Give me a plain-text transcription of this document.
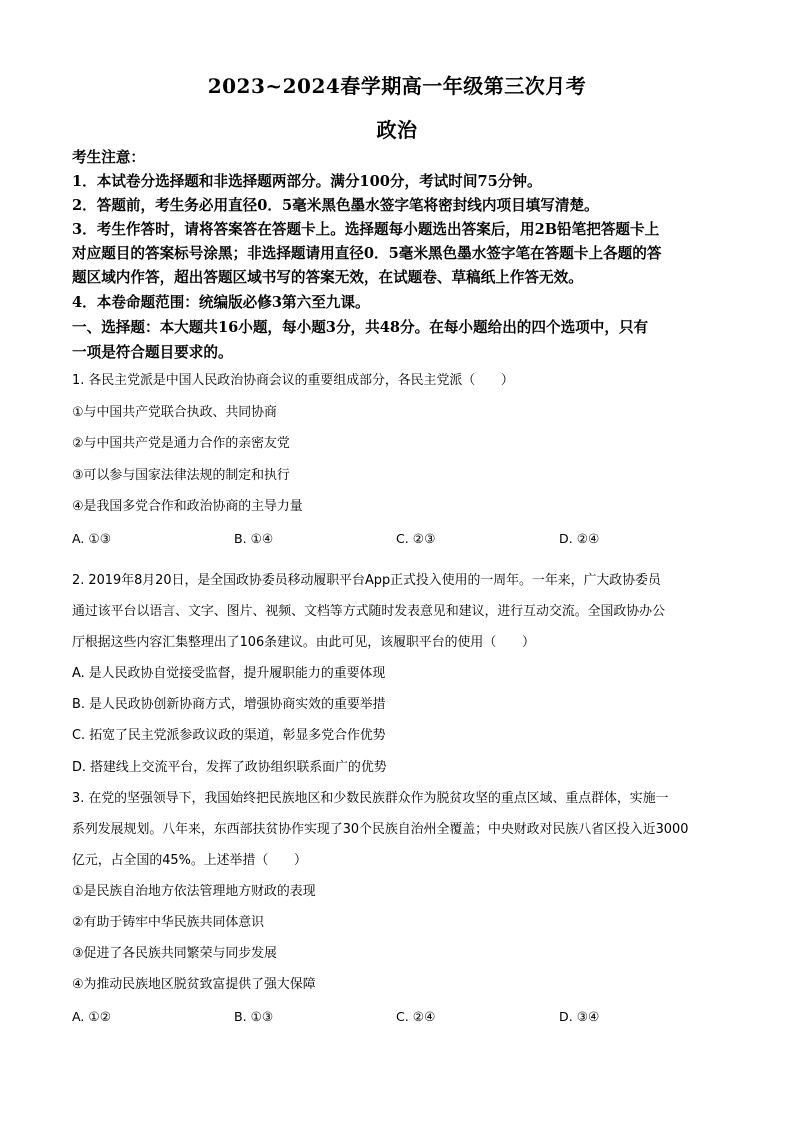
2023~2024春学期高一年级第三次月考
政治
考生注意：
1．本试卷分选择题和非选择题两部分。满分100分，考试时间75分钟。
2．答题前，考生务必用直径0．5毫米黑色墨水签字笔将密封线内项目填写清楚。
3．考生作答时，请将答案答在答题卡上。选择题每小题选出答案后，用2B铅笔把答题卡上
对应题目的答案标号涂黑；非选择题请用直径0．5毫米黑色墨水签字笔在答题卡上各题的答
题区域内作答，超出答题区域书写的答案无效，在试题卷、草稿纸上作答无效。
4．本卷命题范围：统编版必修3第六至九课。
一、选择题：本大题共16小题，每小题3分，共48分。在每小题给出的四个选项中，只有
一项是符合题目要求的。
1. 各民主党派是中国人民政治协商会议的重要组成部分，各民主党派（　　）
①与中国共产党联合执政、共同协商
②与中国共产党是通力合作的亲密友党
③可以参与国家法律法规的制定和执行
④是我国多党合作和政治协商的主导力量
A. ①③	B. ①④	C. ②③	D. ②④
2. 2019年8月20日，是全国政协委员移动履职平台App正式投入使用的一周年。一年来，广大政协委员
通过该平台以语言、文字、图片、视频、文档等方式随时发表意见和建议，进行互动交流。全国政协办公
厅根据这些内容汇集整理出了106条建议。由此可见，该履职平台的使用（　　）
A. 是人民政协自觉接受监督，提升履职能力的重要体现
B. 是人民政协创新协商方式，增强协商实效的重要举措
C. 拓宽了民主党派参政议政的渠道，彰显多党合作优势
D. 搭建线上交流平台，发挥了政协组织联系面广的优势
3. 在党的坚强领导下，我国始终把民族地区和少数民族群众作为脱贫攻坚的重点区域、重点群体，实施一
系列发展规划。八年来，东西部扶贫协作实现了30个民族自治州全覆盖；中央财政对民族八省区投入近3000
亿元，占全国的45%。上述举措（　　）
①是民族自治地方依法管理地方财政的表现
②有助于铸牢中华民族共同体意识
③促进了各民族共同繁荣与同步发展
④为推动民族地区脱贫致富提供了强大保障
A. ①②	B. ①③	C. ②④	D. ③④
